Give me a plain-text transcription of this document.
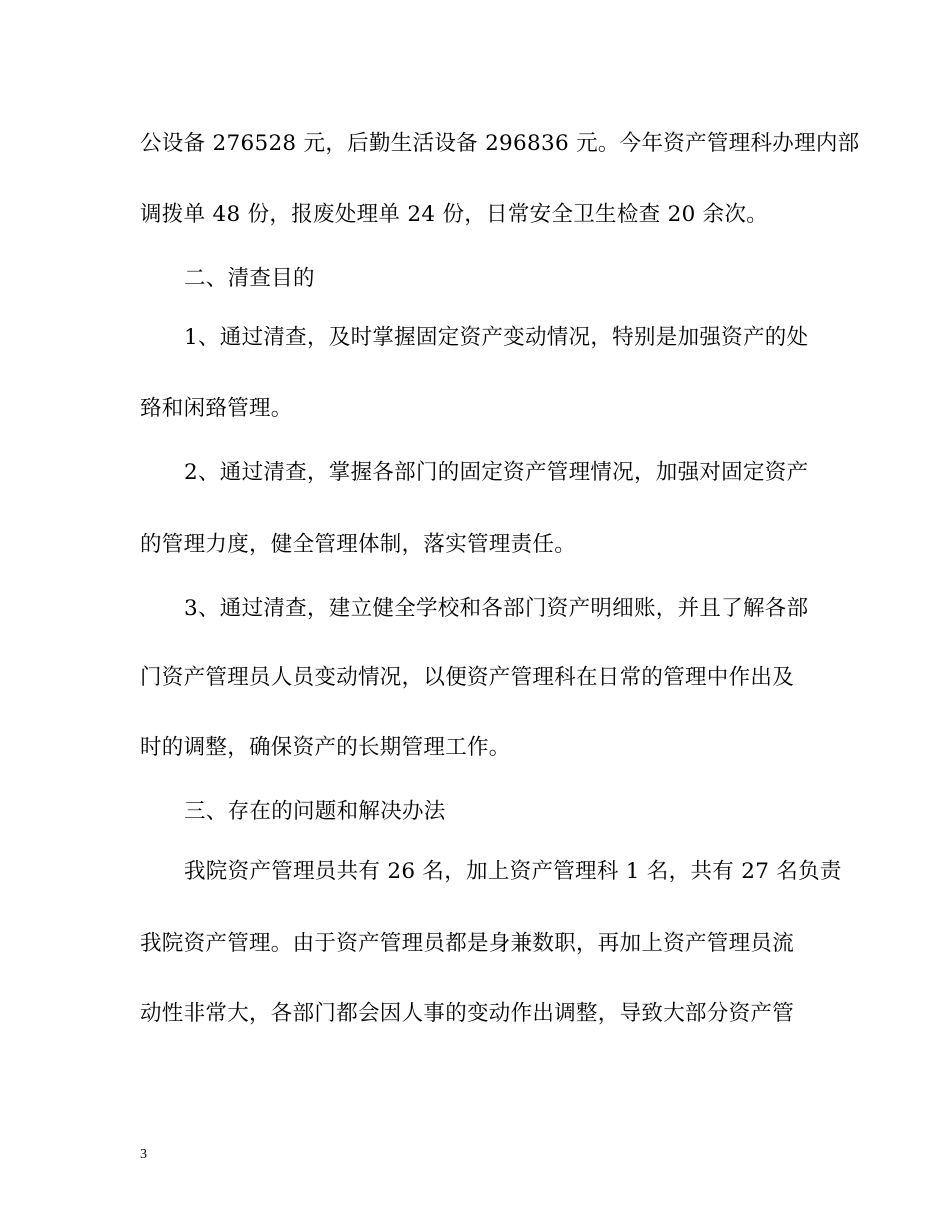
公设备 276528 元，后勤生活设备 296836 元。今年资产管理科办理内部
调拨单 48 份，报废处理单 24 份，日常安全卫生检查 20 余次。
二、清查目的
1、通过清查，及时掌握固定资产变动情况，特别是加强资产的处
臵和闲臵管理。
2、通过清查，掌握各部门的固定资产管理情况，加强对固定资产
的管理力度，健全管理体制，落实管理责任。
3、通过清查，建立健全学校和各部门资产明细账，并且了解各部
门资产管理员人员变动情况，以便资产管理科在日常的管理中作出及
时的调整，确保资产的长期管理工作。
三、存在的问题和解决办法
我院资产管理员共有 26 名，加上资产管理科 1 名，共有 27 名负责
我院资产管理。由于资产管理员都是身兼数职，再加上资产管理员流
动性非常大，各部门都会因人事的变动作出调整，导致大部分资产管
3
